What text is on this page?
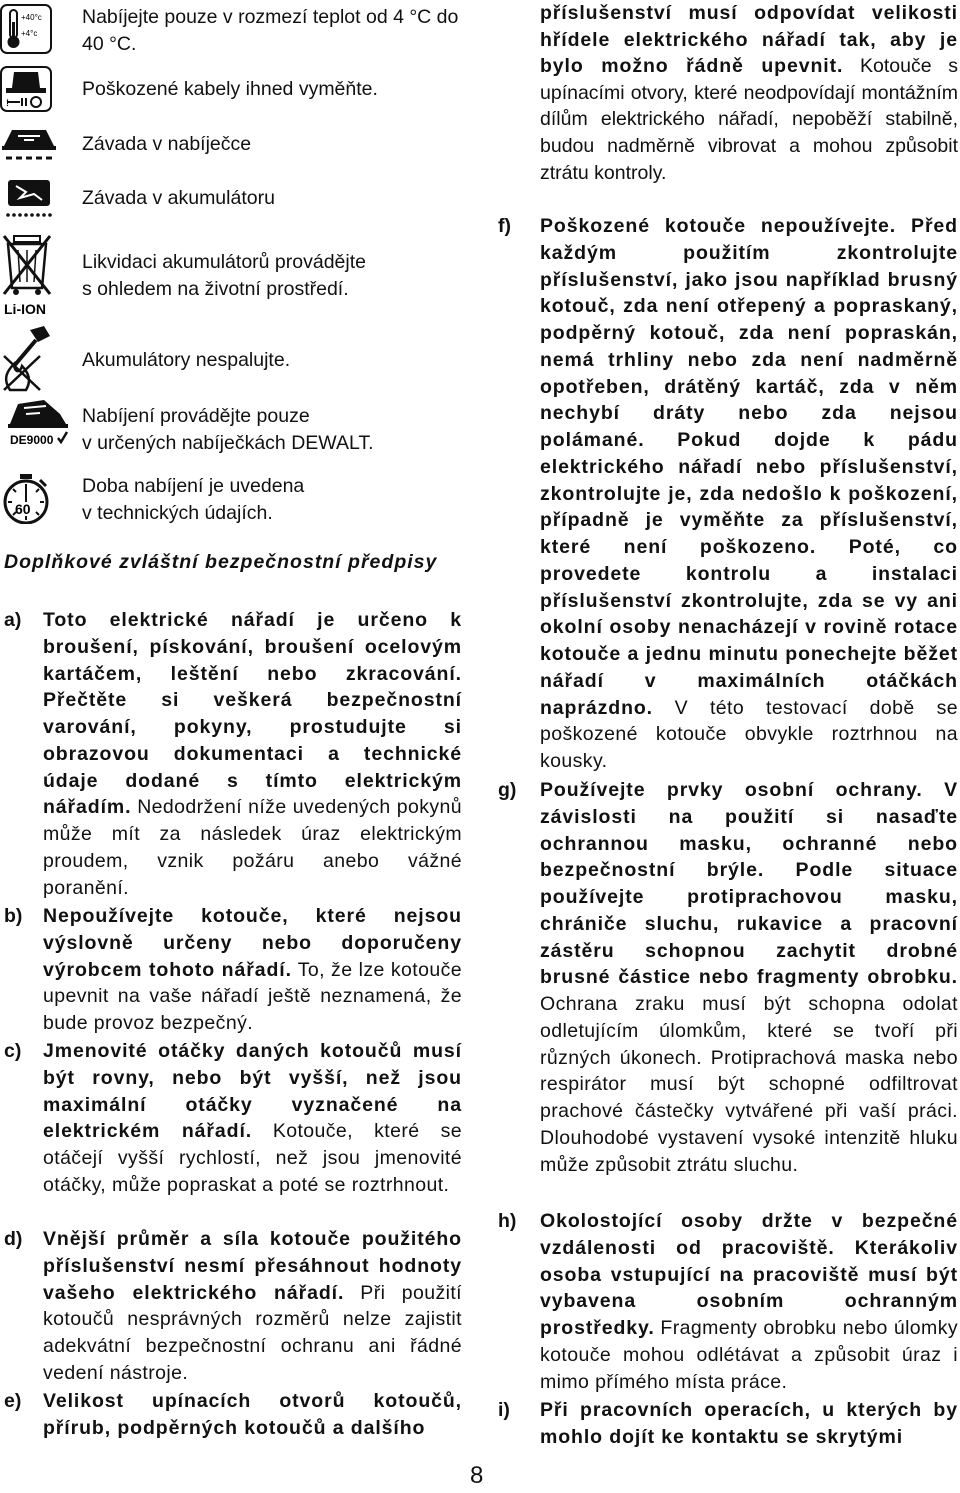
+40°c
+4°c
Nabíjejte pouze v rozmezí teplot od 4 °C do 40 °C.
!
Poškozené kabely ihned vyměňte.
Závada v nabíječce
Závada v akumulátoru
Li-ION
Likvidaci akumulátorů provádějte
s ohledem na životní prostředí.
Akumulátory nespalujte.
DE9000
Nabíjení provádějte pouze
v určených nabíječkách DEWALT.
60
Doba nabíjení je uvedena
v technických údajích.
Doplňkové zvláštní bezpečnostní předpisy
a) Toto elektrické nářadí je určeno k broušení, pískování, broušení ocelovým kartáčem, leštění nebo zkracování. Přečtěte si veškerá bezpečnostní varování, pokyny, prostudujte si obrazovou dokumentaci a technické údaje dodané s tímto elektrickým nářadím. Nedodržení níže uvedených pokynů může mít za následek úraz elektrickým proudem, vznik požáru anebo vážné poranění.
b) Nepoužívejte kotouče, které nejsou výslovně určeny nebo doporučeny výrobcem tohoto nářadí. To, že lze kotouče upevnit na vaše nářadí ještě neznamená, že bude provoz bezpečný.
c) Jmenovité otáčky daných kotoučů musí být rovny, nebo být vyšší, než jsou maximální otáčky vyznačené na elektrickém nářadí. Kotouče, které se otáčejí vyšší rychlostí, než jsou jmenovité otáčky, může popraskat a poté se roztrhnout.
d) Vnější průměr a síla kotouče použitého příslušenství nesmí přesáhnout hodnoty vašeho elektrického nářadí. Při použití kotoučů nesprávných rozměrů nelze zajistit adekvátní bezpečnostní ochranu ani řádné vedení nástroje.
e) Velikost upínacích otvorů kotoučů, přírub, podpěrných kotoučů a dalšího
příslušenství musí odpovídat velikosti hřídele elektrického nářadí tak, aby je bylo možno řádně upevnit. Kotouče s upínacími otvory, které neodpovídají montážním dílům elektrického nářadí, nepoběží stabilně, budou nadměrně vibrovat a mohou způsobit ztrátu kontroly.
f) Poškozené kotouče nepoužívejte. Před každým použitím zkontrolujte příslušenství, jako jsou například brusný kotouč, zda není otřepený a popraskaný, podpěrný kotouč, zda není popraskán, nemá trhliny nebo zda není nadměrně opotřeben, drátěný kartáč, zda v něm nechybí dráty nebo zda nejsou polámané. Pokud dojde k pádu elektrického nářadí nebo příslušenství, zkontrolujte je, zda nedošlo k poškození, případně je vyměňte za příslušenství, které není poškozeno. Poté, co provedete kontrolu a instalaci příslušenství zkontrolujte, zda se vy ani okolní osoby nenacházejí v rovině rotace kotouče a jednu minutu ponechejte běžet nářadí v maximálních otáčkách naprázdno. V této testovací době se poškozené kotouče obvykle roztrhnou na kousky.
g) Používejte prvky osobní ochrany. V závislosti na použití si nasaďte ochrannou masku, ochranné nebo bezpečnostní brýle. Podle situace používejte protiprachovou masku, chrániče sluchu, rukavice a pracovní zástěru schopnou zachytit drobné brusné částice nebo fragmenty obrobku. Ochrana zraku musí být schopna odolat odletujícím úlomkům, které se tvoří při různých úkonech. Protiprachová maska nebo respirátor musí být schopné odfiltrovat prachové částečky vytvářené při vaší práci. Dlouhodobé vystavení vysoké intenzitě hluku může způsobit ztrátu sluchu.
h) Okolostojící osoby držte v bezpečné vzdálenosti od pracoviště. Kterákoliv osoba vstupující na pracoviště musí být vybavena osobním ochranným prostředky. Fragmenty obrobku nebo úlomky kotouče mohou odlétávat a způsobit úraz i mimo přímého místa práce.
i) Při pracovních operacích, u kterých by mohlo dojít ke kontaktu se skrytými
8
